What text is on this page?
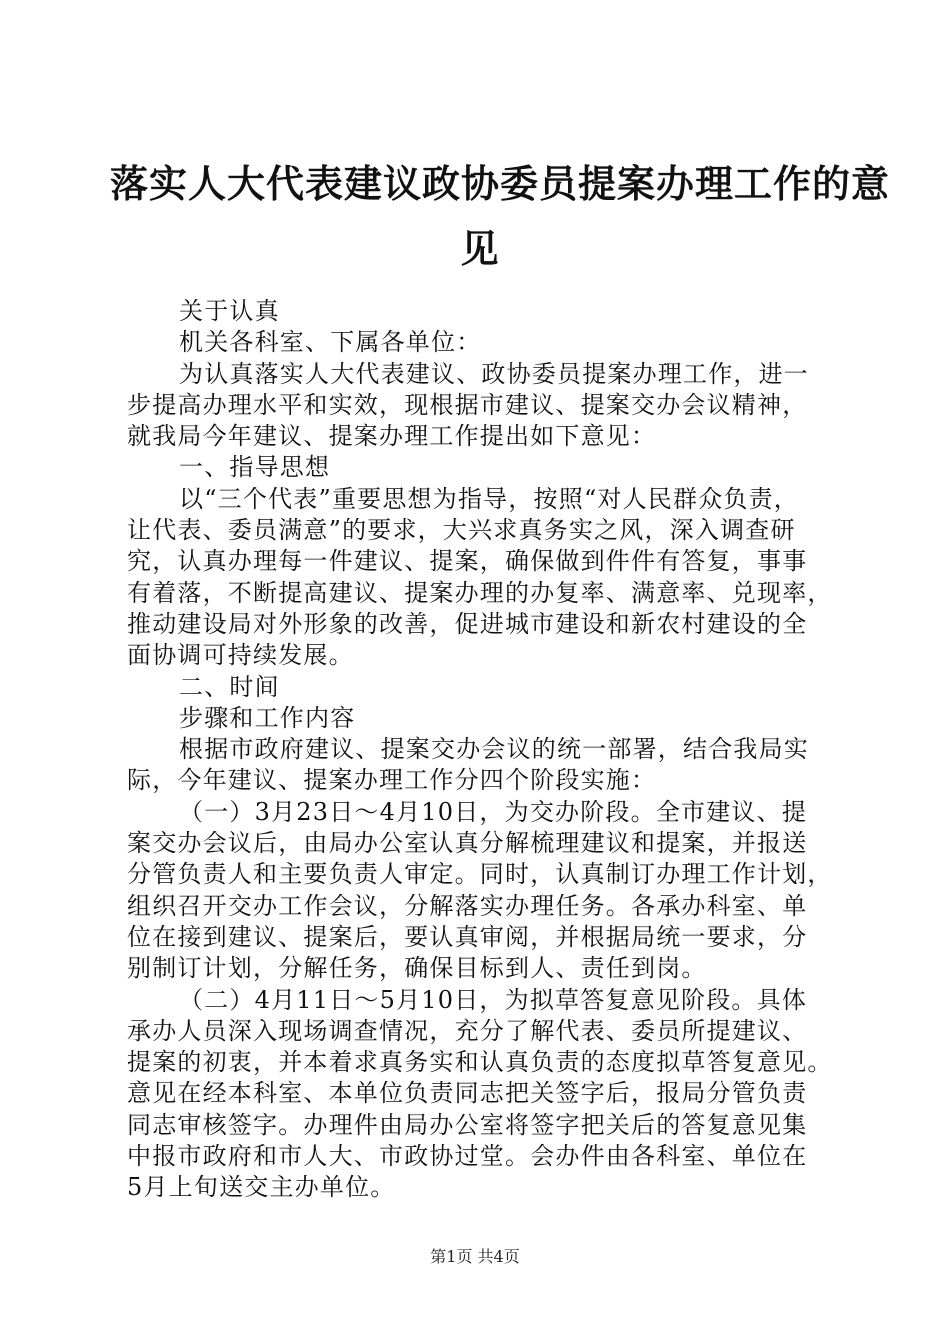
落实人大代表建议政协委员提案办理工作的意
见
关于认真
机关各科室、下属各单位：
为认真落实人大代表建议、政协委员提案办理工作，进一
步提高办理水平和实效，现根据市建议、提案交办会议精神，
就我局今年建议、提案办理工作提出如下意见：
一、指导思想
以“三个代表”重要思想为指导，按照“对人民群众负责，
让代表、委员满意”的要求，大兴求真务实之风，深入调查研
究，认真办理每一件建议、提案，确保做到件件有答复，事事
有着落，不断提高建议、提案办理的办复率、满意率、兑现率，
推动建设局对外形象的改善，促进城市建设和新农村建设的全
面协调可持续发展。
二、时间
步骤和工作内容
根据市政府建议、提案交办会议的统一部署，结合我局实
际，今年建议、提案办理工作分四个阶段实施：
（一）3月23日～4月10日，为交办阶段。全市建议、提
案交办会议后，由局办公室认真分解梳理建议和提案，并报送
分管负责人和主要负责人审定。同时，认真制订办理工作计划，
组织召开交办工作会议，分解落实办理任务。各承办科室、单
位在接到建议、提案后，要认真审阅，并根据局统一要求，分
别制订计划，分解任务，确保目标到人、责任到岗。
（二）4月11日～5月10日，为拟草答复意见阶段。具体
承办人员深入现场调查情况，充分了解代表、委员所提建议、
提案的初衷，并本着求真务实和认真负责的态度拟草答复意见。
意见在经本科室、本单位负责同志把关签字后，报局分管负责
同志审核签字。办理件由局办公室将签字把关后的答复意见集
中报市政府和市人大、市政协过堂。会办件由各科室、单位在
5月上旬送交主办单位。
第1页 共4页
